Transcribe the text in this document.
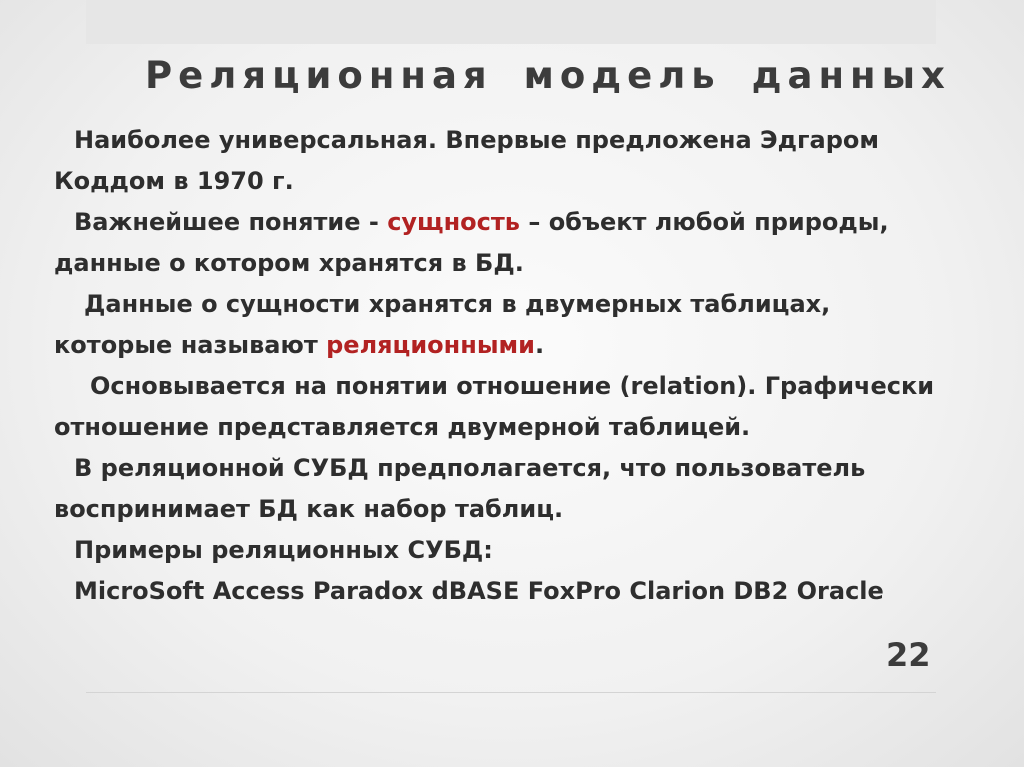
Реляционная модель данных

Наиболее универсальная. Впервые предложена Эдгаром
Коддом в 1970 г.

Важнейшее понятие - сущность – объект любой природы,
данные о котором хранятся в БД.

Данные о сущности хранятся в двумерных таблицах,
которые называют реляционными.

Основывается на понятии отношение (relation). Графически
отношение представляется двумерной таблицей.

В реляционной СУБД предполагается, что пользователь
воспринимает БД как набор таблиц.

Примеры реляционных СУБД:
MicroSoft Access Paradox dBASE FoxPro Clarion DB2 Oracle

22
